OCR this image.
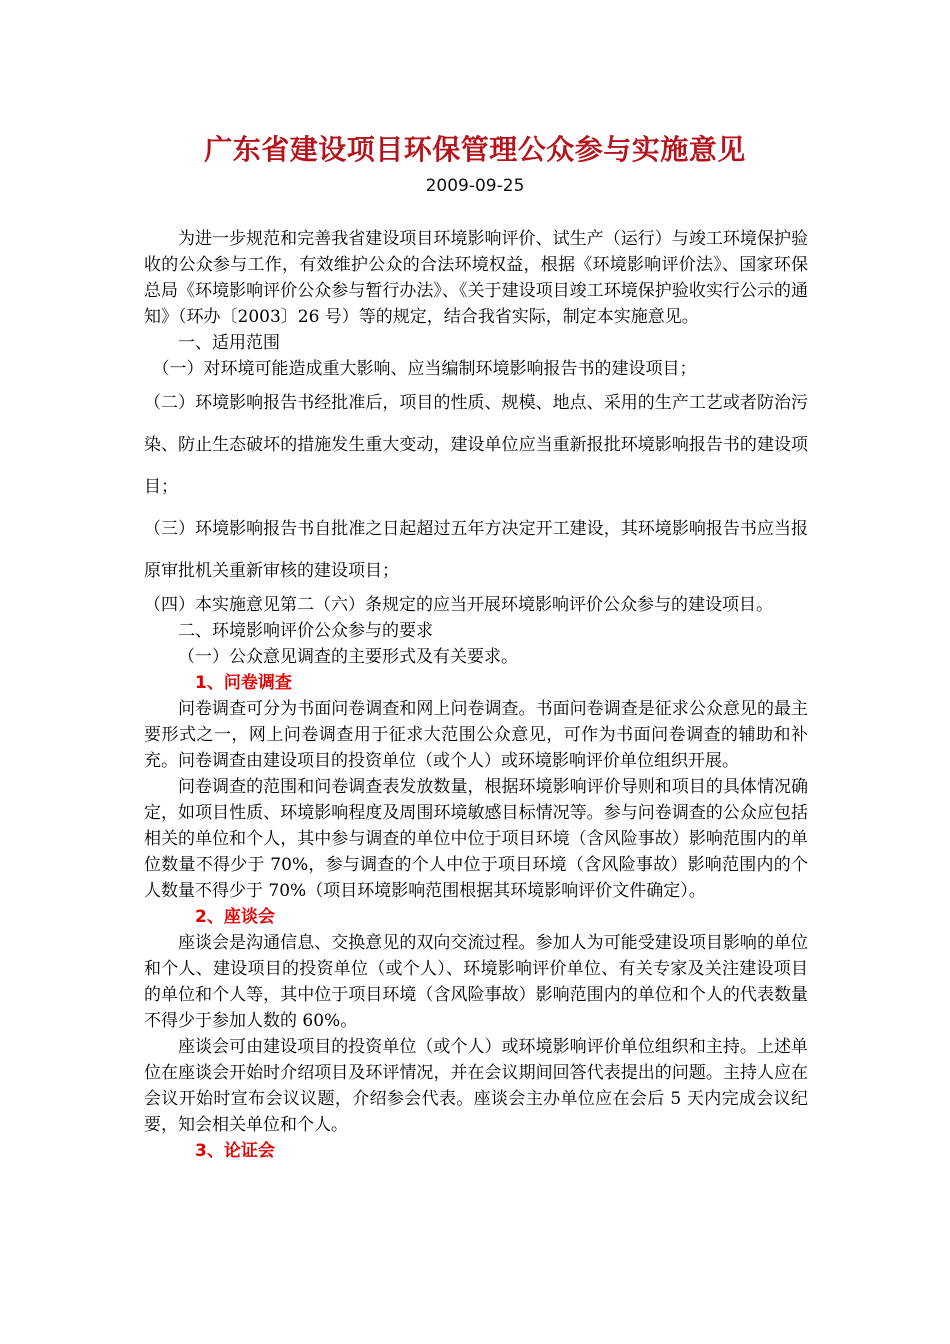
广东省建设项目环保管理公众参与实施意见
2009-09-25

为进一步规范和完善我省建设项目环境影响评价、试生产（运行）与竣工环境保护验收的公众参与工作，有效维护公众的合法环境权益，根据《环境影响评价法》、国家环保总局《环境影响评价公众参与暂行办法》、《关于建设项目竣工环境保护验收实行公示的通知》（环办〔2003〕26 号）等的规定，结合我省实际，制定本实施意见。

一、适用范围

（一）对环境可能造成重大影响、应当编制环境影响报告书的建设项目；

（二）环境影响报告书经批准后，项目的性质、规模、地点、采用的生产工艺或者防治污染、防止生态破坏的措施发生重大变动，建设单位应当重新报批环境影响报告书的建设项目；

（三）环境影响报告书自批准之日起超过五年方决定开工建设，其环境影响报告书应当报原审批机关重新审核的建设项目；

（四）本实施意见第二（六）条规定的应当开展环境影响评价公众参与的建设项目。

二、环境影响评价公众参与的要求

（一）公众意见调查的主要形式及有关要求。

1、问卷调查

问卷调查可分为书面问卷调查和网上问卷调查。书面问卷调查是征求公众意见的最主要形式之一，网上问卷调查用于征求大范围公众意见，可作为书面问卷调查的辅助和补充。问卷调查由建设项目的投资单位（或个人）或环境影响评价单位组织开展。

问卷调查的范围和问卷调查表发放数量，根据环境影响评价导则和项目的具体情况确定，如项目性质、环境影响程度及周围环境敏感目标情况等。参与问卷调查的公众应包括相关的单位和个人，其中参与调查的单位中位于项目环境（含风险事故）影响范围内的单位数量不得少于 70%，参与调查的个人中位于项目环境（含风险事故）影响范围内的个人数量不得少于 70%（项目环境影响范围根据其环境影响评价文件确定）。

2、座谈会

座谈会是沟通信息、交换意见的双向交流过程。参加人为可能受建设项目影响的单位和个人、建设项目的投资单位（或个人）、环境影响评价单位、有关专家及关注建设项目的单位和个人等，其中位于项目环境（含风险事故）影响范围内的单位和个人的代表数量不得少于参加人数的 60%。

座谈会可由建设项目的投资单位（或个人）或环境影响评价单位组织和主持。上述单位在座谈会开始时介绍项目及环评情况，并在会议期间回答代表提出的问题。主持人应在会议开始时宣布会议议题，介绍参会代表。座谈会主办单位应在会后 5 天内完成会议纪要，知会相关单位和个人。

3、论证会
